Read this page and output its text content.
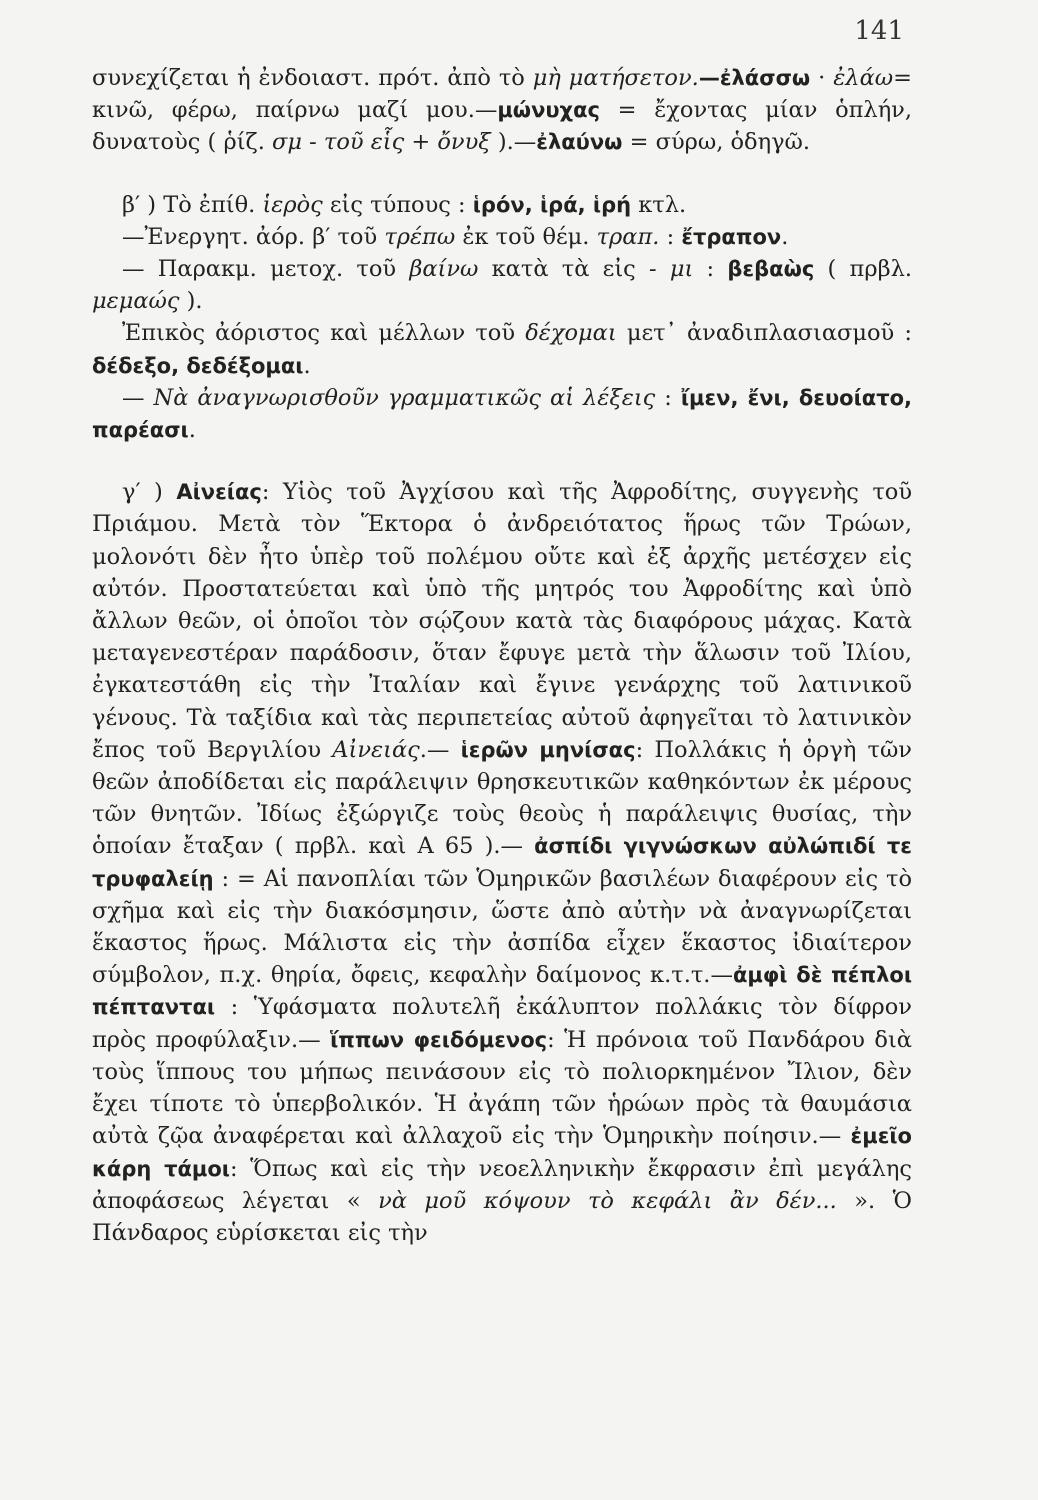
141

συνεχίζεται ἡ ἐνδοιαστ. πρότ. ἀπὸ τὸ μὴ ματήσετον.—ἐλάσσω · ἐλάω= κινῶ, φέρω, παίρνω μαζί μου.—μώνυχας = ἔχοντας μίαν ὁπλήν, δυνατοὺς ( ῥίζ. σμ - τοῦ εἷς + ὄνυξ ).—ἐλαύνω = σύρω, ὁδηγῶ.

β′ ) Τὸ ἐπίθ. ἱερὸς εἰς τύπους : ἱρόν, ἱρά, ἱρή κτλ.

—Ἐνεργητ. ἀόρ. β′ τοῦ τρέπω ἐκ τοῦ θέμ. τραπ. : ἔτραπον.

— Παρακμ. μετοχ. τοῦ βαίνω κατὰ τὰ εἰς - μι : βεβαὼς ( πρβλ. μεμαώς ).

Ἐπικὸς ἀόριστος καὶ μέλλων τοῦ δέχομαι μετ᾽ ἀναδιπλασιασμοῦ : δέδεξο, δεδέξομαι.

— Νὰ ἀναγνωρισθοῦν γραμματικῶς αἱ λέξεις : ἴμεν, ἔνι, δευοίατο, παρέασι.

γ′ ) Αἰνείας: Υἱὸς τοῦ Ἀγχίσου καὶ τῆς Ἀφροδίτης, συγγενὴς τοῦ Πριάμου. Μετὰ τὸν Ἕκτορα ὁ ἀνδρειότατος ἥρως τῶν Τρώων, μολονότι δὲν ἦτο ὑπὲρ τοῦ πολέμου οὔτε καὶ ἐξ ἀρχῆς μετέσχεν εἰς αὐτόν. Προστατεύεται καὶ ὑπὸ τῆς μητρός του Ἀφροδίτης καὶ ὑπὸ ἄλλων θεῶν, οἱ ὁποῖοι τὸν σῴζουν κατὰ τὰς διαφόρους μάχας. Κατὰ μεταγενεστέραν παράδοσιν, ὅταν ἔφυγε μετὰ τὴν ἅλωσιν τοῦ Ἰλίου, ἐγκατεστάθη εἰς τὴν Ἰταλίαν καὶ ἔγινε γενάρχης τοῦ λατινικοῦ γένους. Τὰ ταξίδια καὶ τὰς περιπετείας αὐτοῦ ἀφηγεῖται τὸ λατινικὸν ἔπος τοῦ Βεργιλίου Αἰνειάς.— ἱερῶν μηνίσας: Πολλάκις ἡ ὀργὴ τῶν θεῶν ἀποδίδεται εἰς παράλειψιν θρησκευτικῶν καθηκόντων ἐκ μέρους τῶν θνητῶν. Ἰδίως ἐξώργιζε τοὺς θεοὺς ἡ παράλειψις θυσίας, τὴν ὁποίαν ἔταξαν ( πρβλ. καὶ Α 65 ).— ἀσπίδι γιγνώσκων αὐλώπιδί τε τρυφαλείῃ : = Αἱ πανοπλίαι τῶν Ὁμηρικῶν βασιλέων διαφέρουν εἰς τὸ σχῆμα καὶ εἰς τὴν διακόσμησιν, ὥστε ἀπὸ αὐτὴν νὰ ἀναγνωρίζεται ἕκαστος ἥρως. Μάλιστα εἰς τὴν ἀσπίδα εἶχεν ἕκαστος ἰδιαίτερον σύμβολον, π.χ. θηρία, ὄφεις, κεφαλὴν δαίμονος κ.τ.τ.—ἀμφὶ δὲ πέπλοι πέπτανται : Ὑφάσματα πολυτελῆ ἐκάλυπτον πολλάκις τὸν δίφρον πρὸς προφύλαξιν.— ἵππων φειδόμενος: Ἡ πρόνοια τοῦ Πανδάρου διὰ τοὺς ἵππους του μήπως πεινάσουν εἰς τὸ πολιορκημένον Ἴλιον, δὲν ἔχει τίποτε τὸ ὑπερβολικόν. Ἡ ἀγάπη τῶν ἡρώων πρὸς τὰ θαυμάσια αὐτὰ ζῷα ἀναφέρεται καὶ ἀλλαχοῦ εἰς τὴν Ὁμηρικὴν ποίησιν.— ἐμεῖο κάρη τάμοι: Ὅπως καὶ εἰς τὴν νεοελληνικὴν ἔκφρασιν ἐπὶ μεγάλης ἀποφάσεως λέγεται « νὰ μοῦ κόψουν τὸ κεφάλι ἂν δέν... ». Ὁ Πάνδαρος εὑρίσκεται εἰς τὴν
